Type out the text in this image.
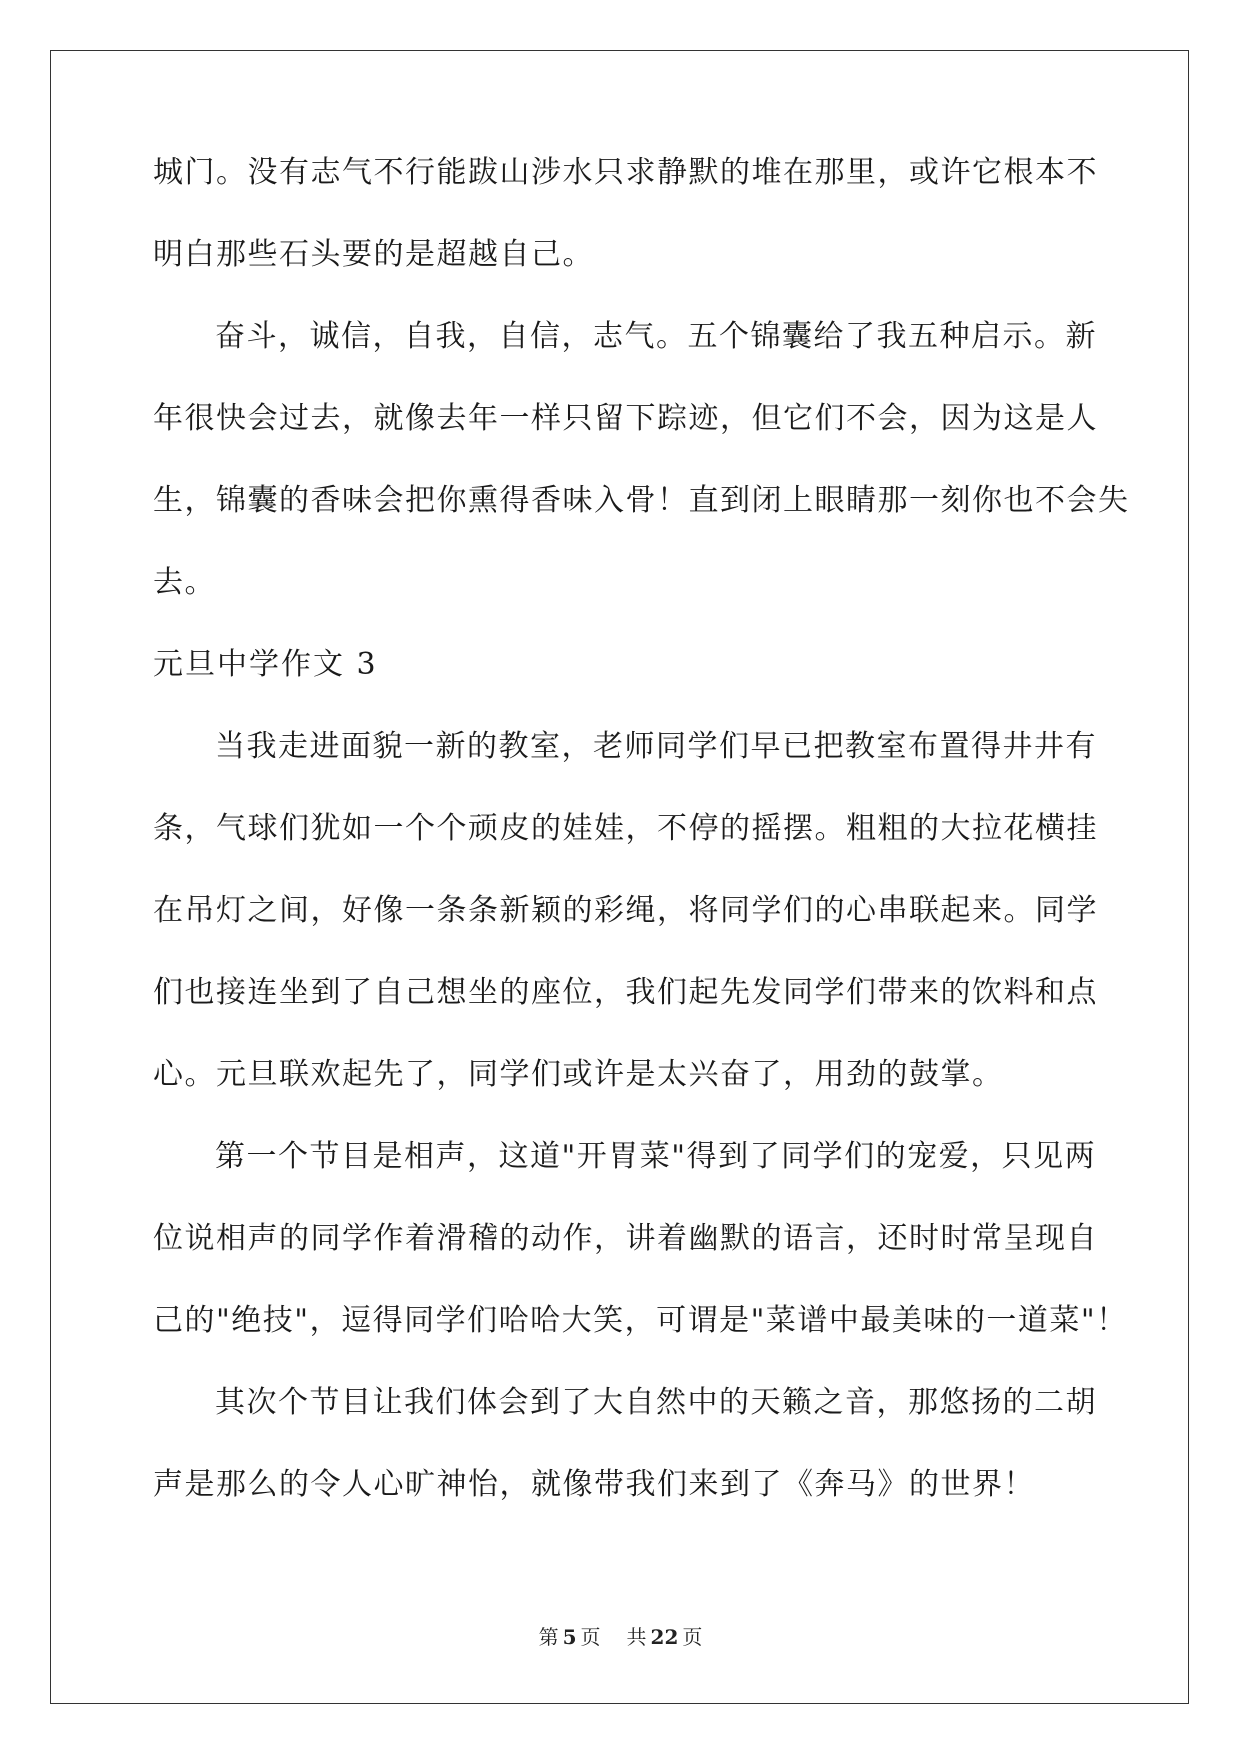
城门。没有志气不行能跋山涉水只求静默的堆在那里，或许它根本不
明白那些石头要的是超越自己。
奋斗，诚信，自我，自信，志气。五个锦囊给了我五种启示。新
年很快会过去，就像去年一样只留下踪迹，但它们不会，因为这是人
生，锦囊的香味会把你熏得香味入骨！直到闭上眼睛那一刻你也不会失
去。
元旦中学作文 3
当我走进面貌一新的教室，老师同学们早已把教室布置得井井有
条，气球们犹如一个个顽皮的娃娃，不停的摇摆。粗粗的大拉花横挂
在吊灯之间，好像一条条新颖的彩绳，将同学们的心串联起来。同学
们也接连坐到了自己想坐的座位，我们起先发同学们带来的饮料和点
心。元旦联欢起先了，同学们或许是太兴奋了，用劲的鼓掌。
第一个节目是相声，这道"开胃菜"得到了同学们的宠爱，只见两
位说相声的同学作着滑稽的动作，讲着幽默的语言，还时时常呈现自
己的"绝技"，逗得同学们哈哈大笑，可谓是"菜谱中最美味的一道菜"！
其次个节目让我们体会到了大自然中的天籁之音，那悠扬的二胡
声是那么的令人心旷神怡，就像带我们来到了《奔马》的世界！
第 5 页 共 22 页
